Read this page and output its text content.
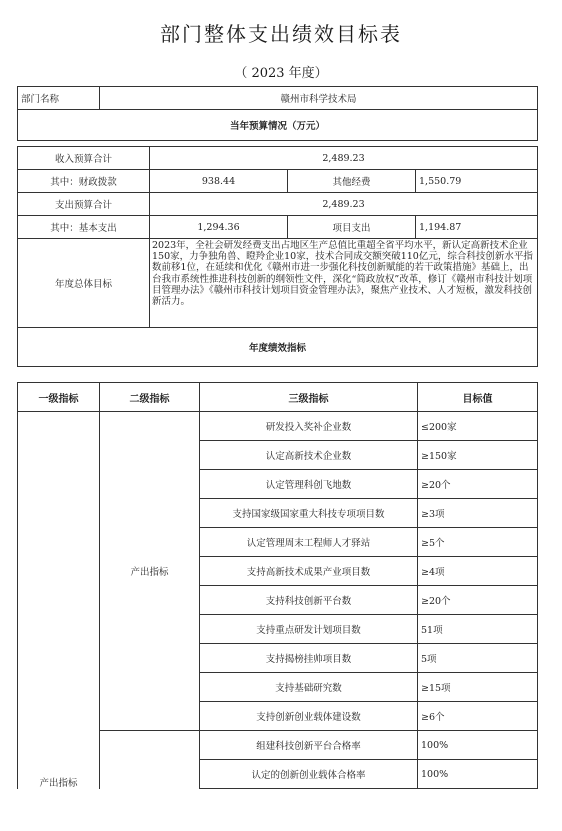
部门整体支出绩效目标表
（ 2023 年度）
部门名称	赣州市科学技术局
当年预算情况（万元）
收入预算合计	2,489.23		
其中：财政拨款	938.44	其他经费	1,550.79
支出预算合计	2,489.23		
其中：基本支出	1,294.36	项目支出	1,194.87
年度总体目标	2023年，全社会研发经费支出占地区生产总值比重超全省平均水平，新认定高新技术企业150家，力争独角兽、瞪羚企业10家，技术合同成交额突破110亿元，综合科技创新水平指数前移1位，在延续和优化《赣州市进一步强化科技创新赋能的若干政策措施》基础上，出台我市系统性推进科技创新的纲领性文件，深化“简政放权”改革，修订《赣州市科技计划项目管理办法》《赣州市科技计划项目资金管理办法》，聚焦产业技术、人才短板，激发科技创新活力。		

年度绩效指标			
一级指标	二级指标	三级指标	目标值
产出指标	产出指标	研发投入奖补企业数	≤200家
		认定高新技术企业数	≥150家
		认定管理科创飞地数	≥20个
		支持国家级国家重大科技专项项目数	≥3项
		认定管理周末工程师人才驿站	≥5个
		支持高新技术成果产业项目数	≥4项
		支持科技创新平台数	≥20个
		支持重点研发计划项目数	51项
		支持揭榜挂帅项目数	5项
		支持基础研究数	≥15项
		支持创新创业载体建设数	≥6个
		组建科技创新平台合格率	100%
		认定的创新创业载体合格率	100%
